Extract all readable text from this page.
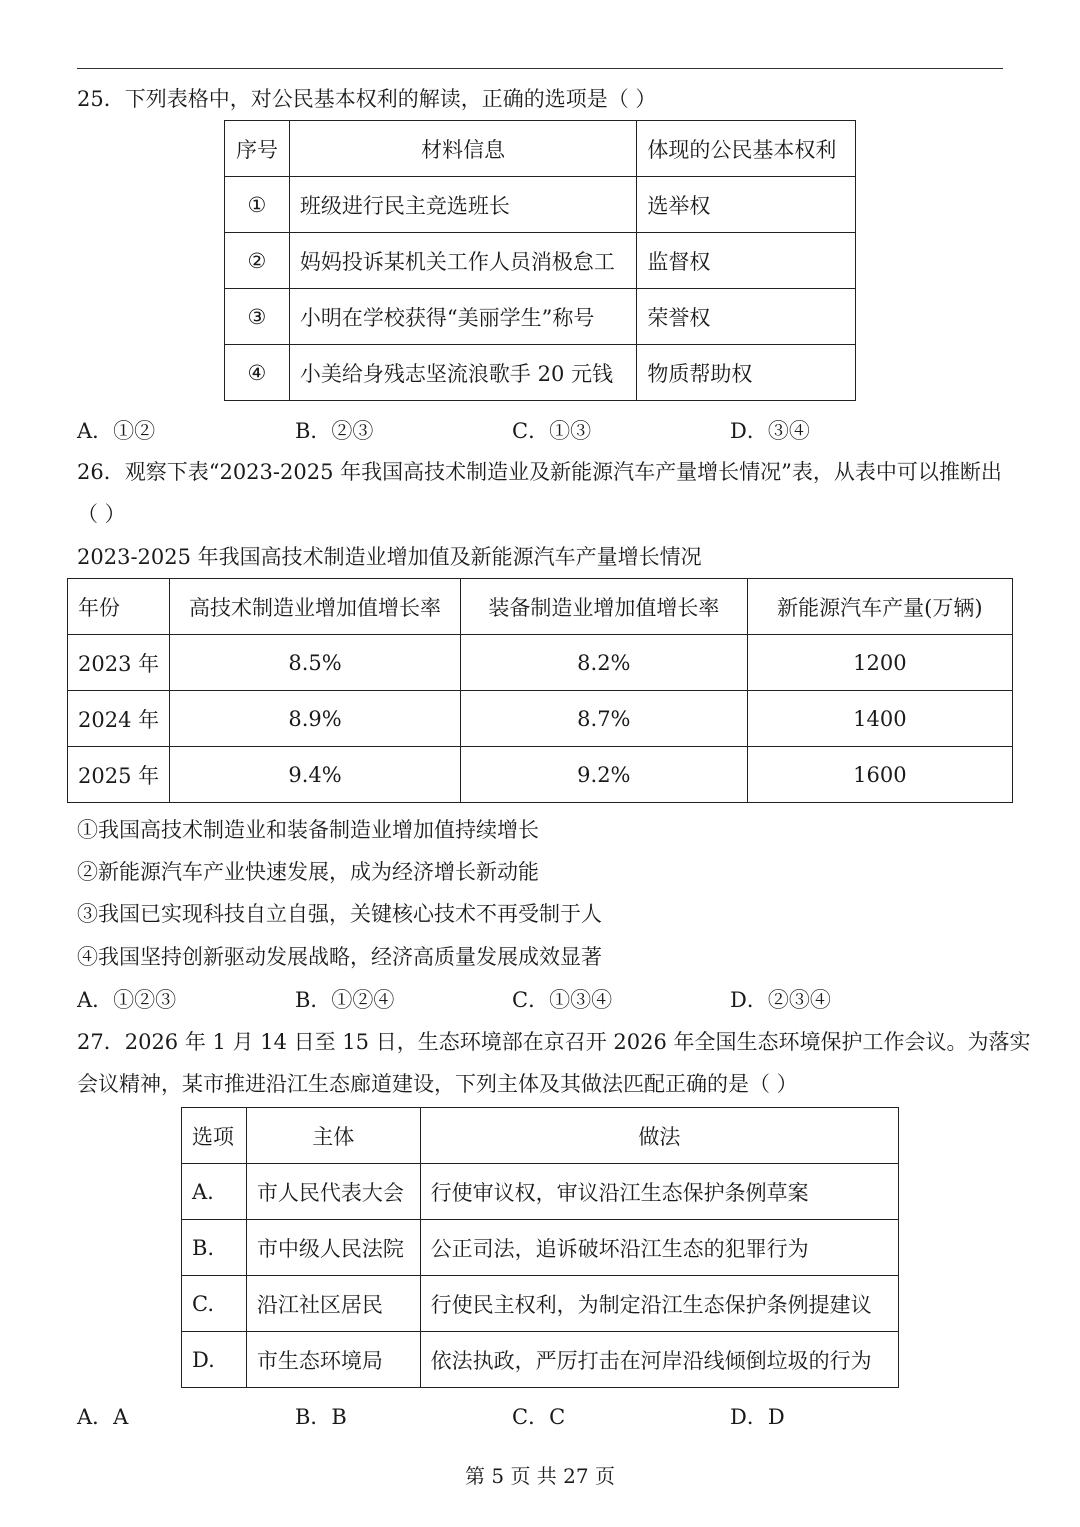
25．下列表格中，对公民基本权利的解读，正确的选项是（ ）
序号	材料信息	体现的公民基本权利
①	班级进行民主竞选班长	选举权
②	妈妈投诉某机关工作人员消极怠工	监督权
③	小明在学校获得“美丽学生”称号	荣誉权
④	小美给身残志坚流浪歌手 20 元钱	物质帮助权
A．①②	B．②③	C．①③	D．③④
26．观察下表“2023-2025 年我国高技术制造业及新能源汽车产量增长情况”表，从表中可以推断出
（ ）
2023-2025 年我国高技术制造业增加值及新能源汽车产量增长情况
年份	高技术制造业增加值增长率	装备制造业增加值增长率	新能源汽车产量(万辆)
2023 年	8.5%	8.2%	1200
2024 年	8.9%	8.7%	1400
2025 年	9.4%	9.2%	1600
①我国高技术制造业和装备制造业增加值持续增长
②新能源汽车产业快速发展，成为经济增长新动能
③我国已实现科技自立自强，关键核心技术不再受制于人
④我国坚持创新驱动发展战略，经济高质量发展成效显著
A．①②③	B．①②④	C．①③④	D．②③④
27．2026 年 1 月 14 日至 15 日，生态环境部在京召开 2026 年全国生态环境保护工作会议。为落实
会议精神，某市推进沿江生态廊道建设，下列主体及其做法匹配正确的是（ ）
选项	主体	做法
A.	市人民代表大会	行使审议权，审议沿江生态保护条例草案
B.	市中级人民法院	公正司法，追诉破坏沿江生态的犯罪行为
C.	沿江社区居民	行使民主权利，为制定沿江生态保护条例提建议
D.	市生态环境局	依法执政，严厉打击在河岸沿线倾倒垃圾的行为
A．A	B．B	C．C	D．D
第 5 页 共 27 页
